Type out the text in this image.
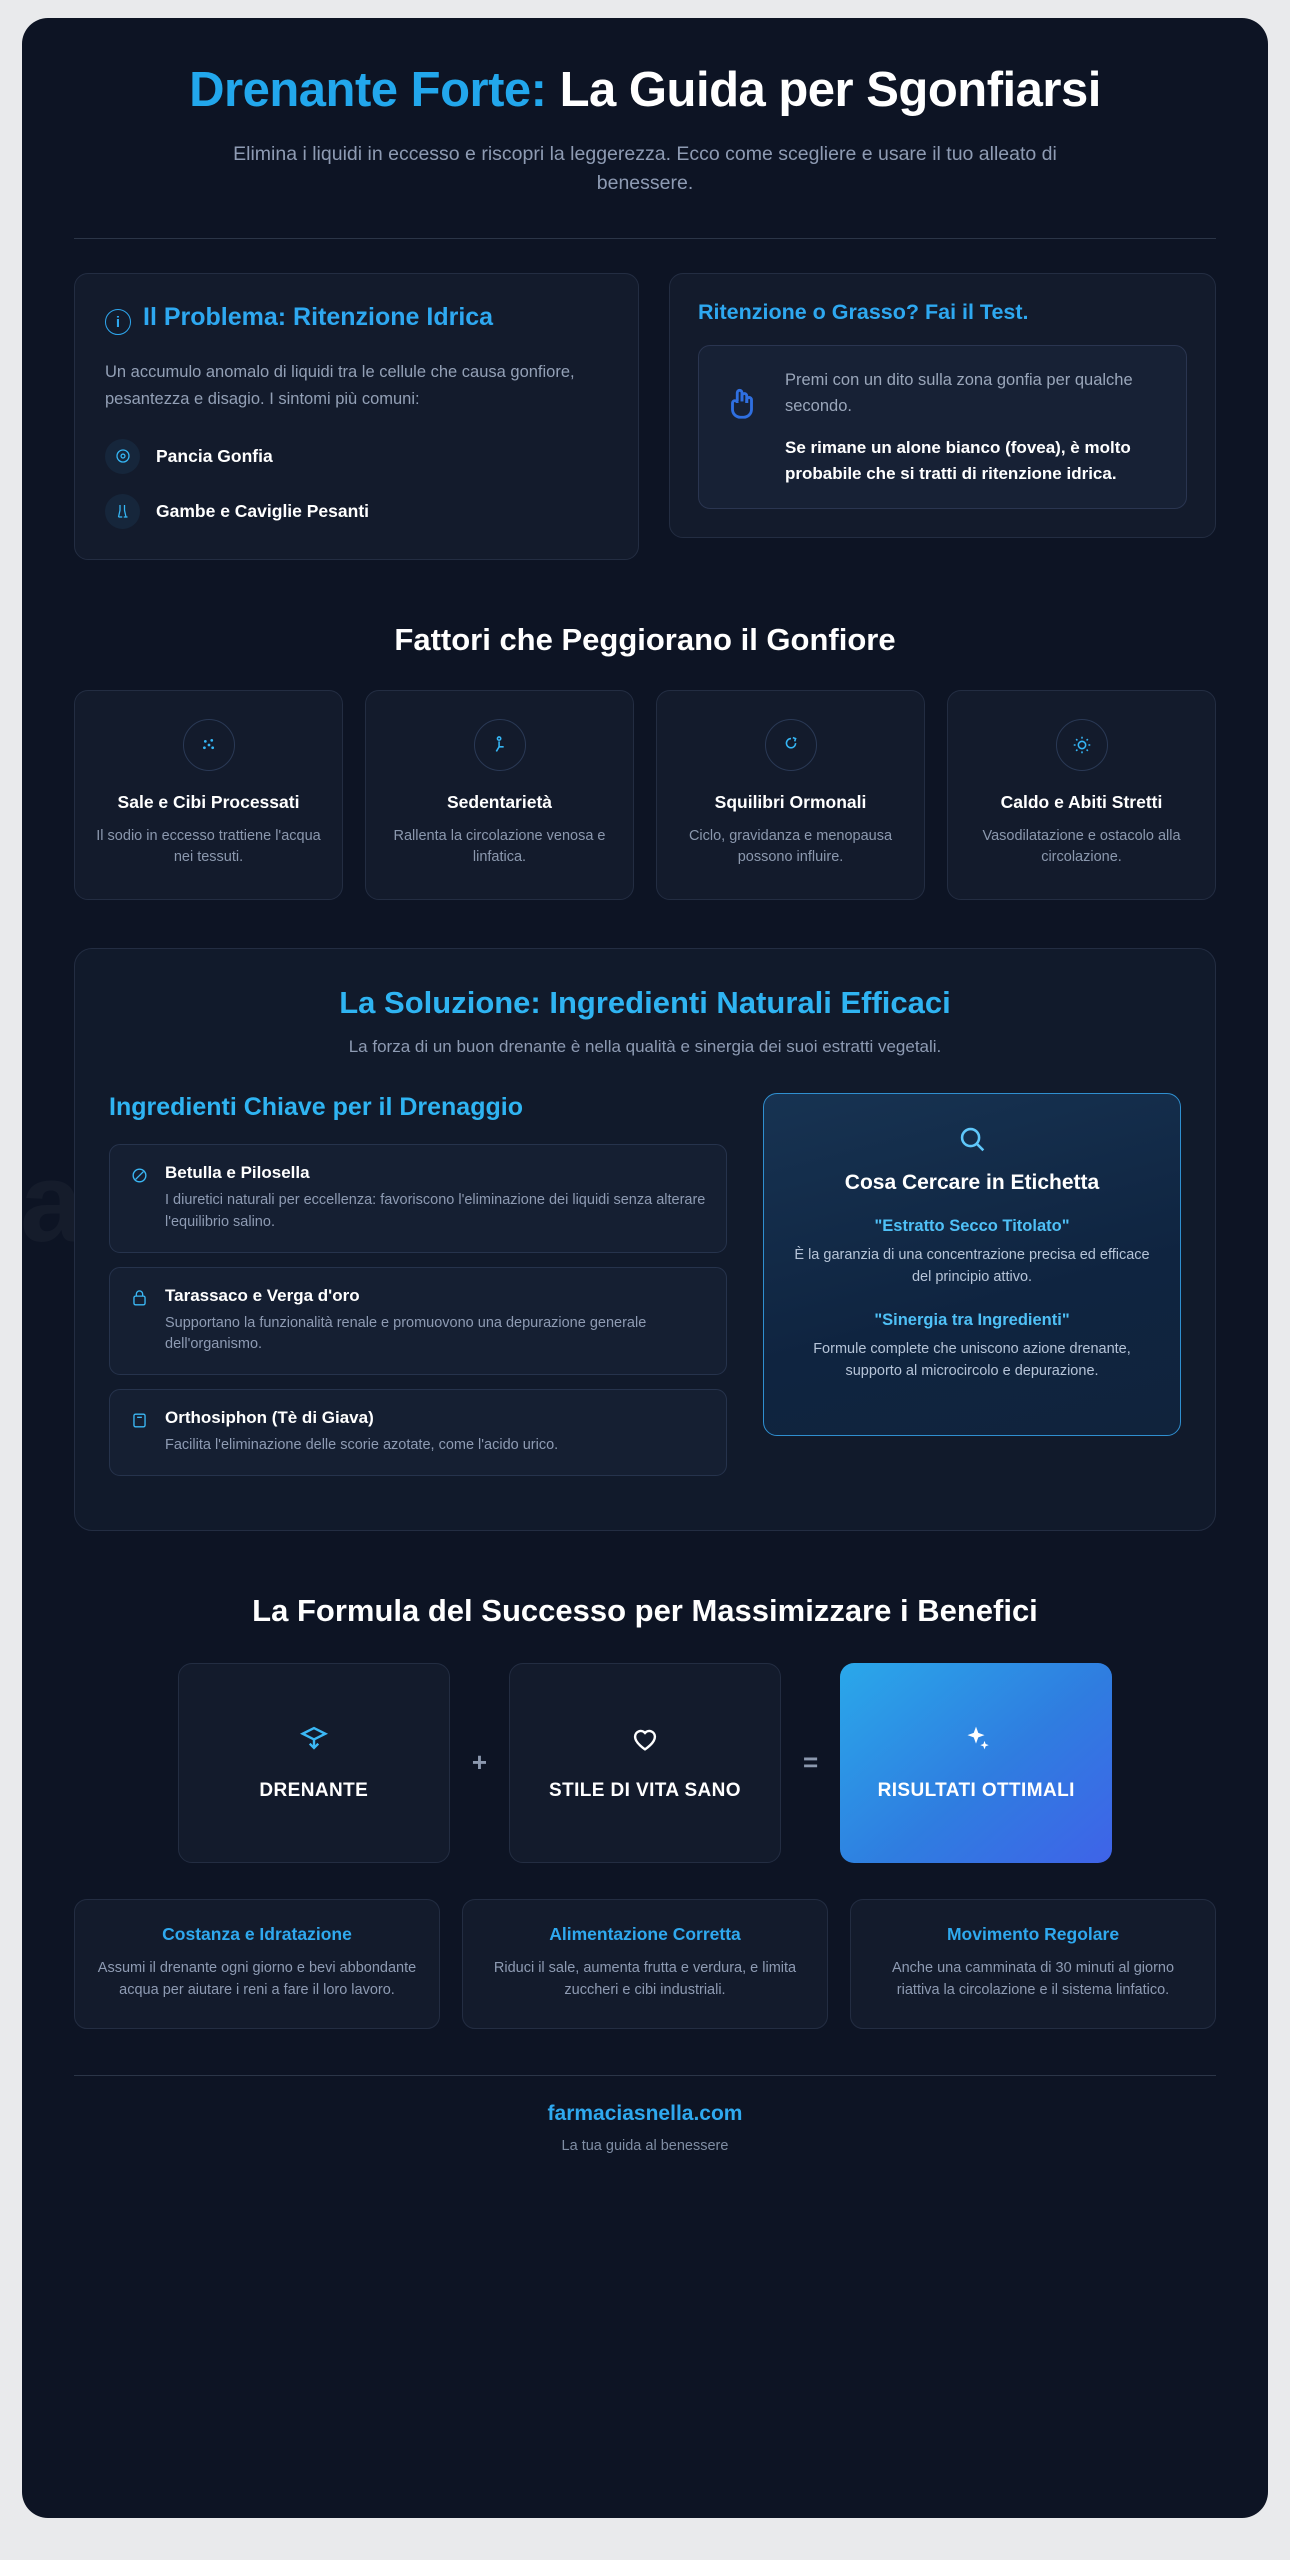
Drenante Forte: La Guida per Sgonfiarsi

Elimina i liquidi in eccesso e riscopri la leggerezza. Ecco come scegliere e usare il tuo alleato di benessere.

i Il Problema: Ritenzione Idrica

Un accumulo anomalo di liquidi tra le cellule che causa gonfiore, pesantezza e disagio. I sintomi più comuni:

Pancia Gonfia
Gambe e Caviglie Pesanti
Ritenzione o Grasso? Fai il Test.
Premi con un dito sulla zona gonfia per qualche secondo.
Se rimane un alone bianco (fovea), è molto probabile che si tratti di ritenzione idrica.
Fattori che Peggiorano il Gonfiore
Sale e Cibi Processati
Il sodio in eccesso trattiene l'acqua nei tessuti.
Sedentarietà
Rallenta la circolazione venosa e linfatica.
Squilibri Ormonali
Ciclo, gravidanza e menopausa possono influire.
Caldo e Abiti Stretti
Vasodilatazione e ostacolo alla circolazione.
La Soluzione: Ingredienti Naturali Efficaci
La forza di un buon drenante è nella qualità e sinergia dei suoi estratti vegetali.
Ingredienti Chiave per il Drenaggio
Betulla e Pilosella

I diuretici naturali per eccellenza: favoriscono l'eliminazione dei liquidi senza alterare l'equilibrio salino.

Tarassaco e Verga d'oro

Supportano la funzionalità renale e promuovono una depurazione generale dell'organismo.

Orthosiphon (Tè di Giava)

Facilita l'eliminazione delle scorie azotate, come l'acido urico.

Cosa Cercare in Etichetta
"Estratto Secco Titolato"
È la garanzia di una concentrazione precisa ed efficace del principio attivo.
"Sinergia tra Ingredienti"
Formule complete che uniscono azione drenante, supporto al microcircolo e depurazione.
La Formula del Successo per Massimizzare i Benefici
DRENANTE
+
STILE DI VITA SANO
=
RISULTATI OTTIMALI
Costanza e Idratazione

Assumi il drenante ogni giorno e bevi abbondante acqua per aiutare i reni a fare il loro lavoro.

Alimentazione Corretta

Riduci il sale, aumenta frutta e verdura, e limita zuccheri e cibi industriali.

Movimento Regolare

Anche una camminata di 30 minuti al giorno riattiva la circolazione e il sistema linfatico.

farmaciasnella.com
La tua guida al benessere
